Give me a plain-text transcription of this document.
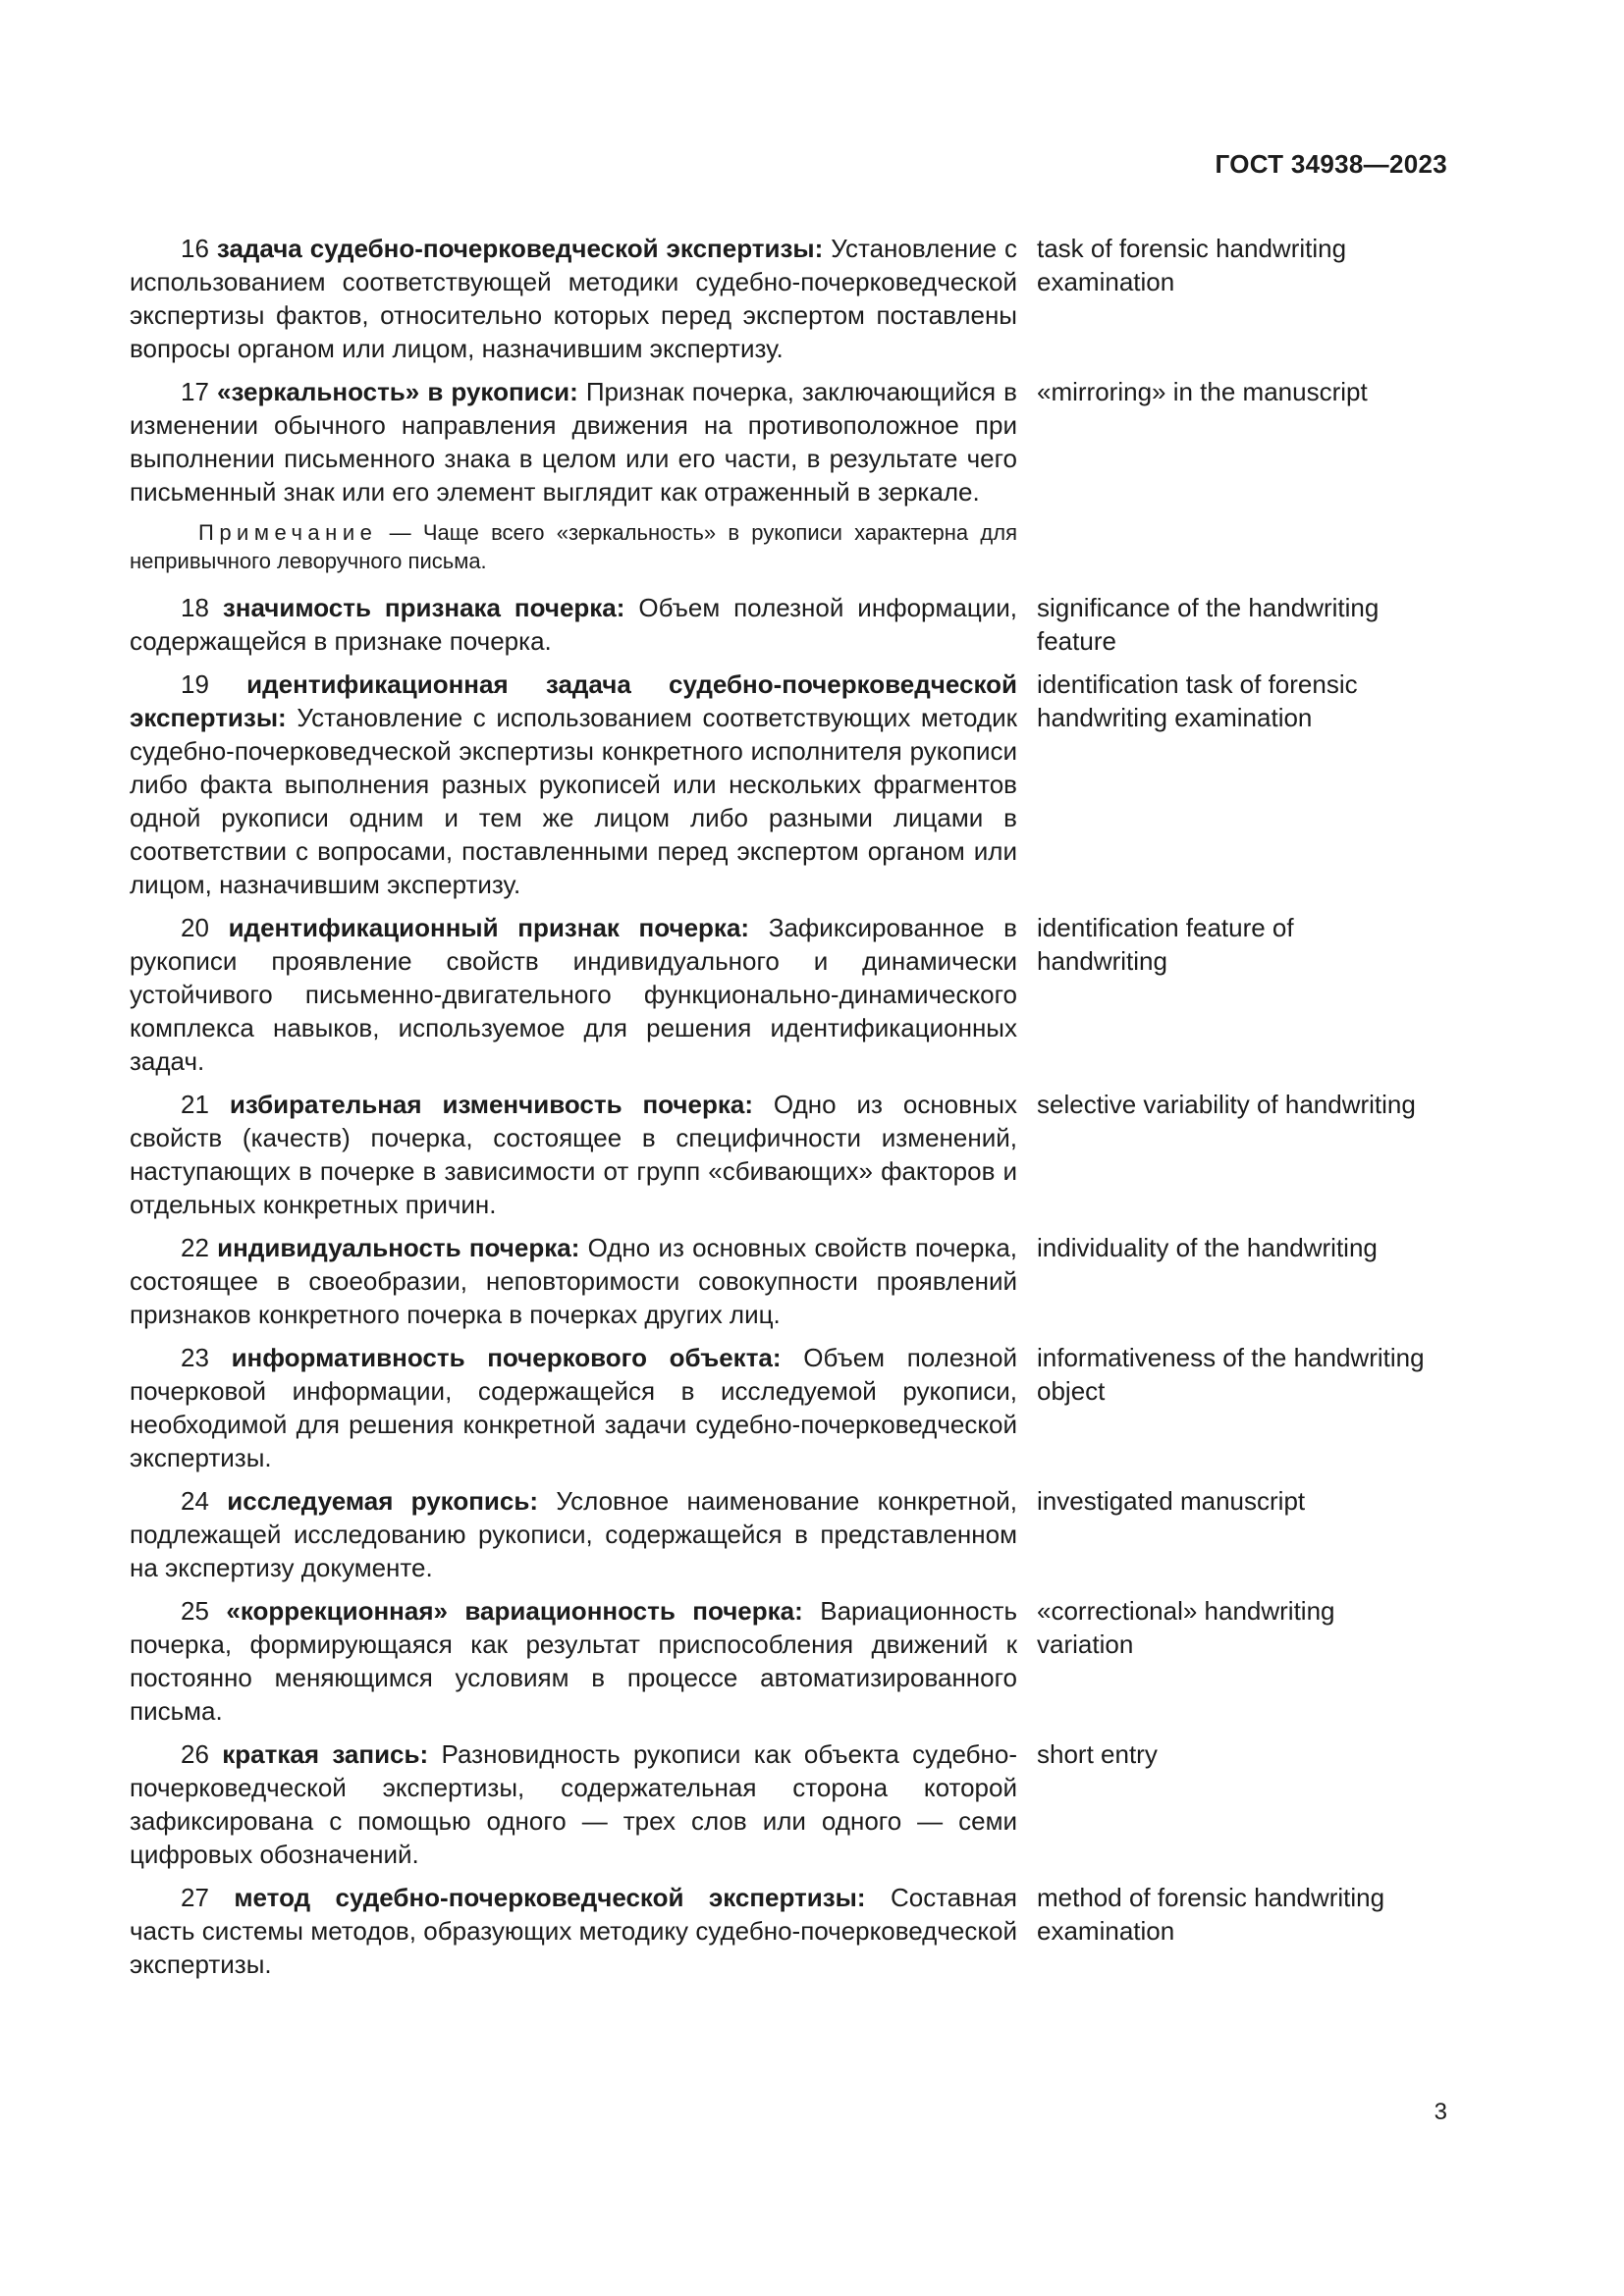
ГОСТ 34938—2023
16 задача судебно-почерковедческой экспертизы: Установление с использованием соответствующей методики судебно-почерковедческой экспертизы фактов, относительно которых перед экспертом поставлены вопросы органом или лицом, назначившим экспертизу.
task of forensic handwriting examination
17 «зеркальность» в рукописи: Признак почерка, заключающийся в изменении обычного направления движения на противоположное при выполнении письменного знака в целом или его части, в результате чего письменный знак или его элемент выглядит как отраженный в зеркале.
«mirroring» in the manuscript
Примечание — Чаще всего «зеркальность» в рукописи характерна для непривычного леворучного письма.
18 значимость признака почерка: Объем полезной информации, содержащейся в признаке почерка.
significance of the handwriting feature
19 идентификационная задача судебно-почерковедческой экспертизы: Установление с использованием соответствующих методик судебно-почерковедческой экспертизы конкретного исполнителя рукописи либо факта выполнения разных рукописей или нескольких фрагментов одной рукописи одним и тем же лицом либо разными лицами в соответствии с вопросами, поставленными перед экспертом органом или лицом, назначившим экспертизу.
identification task of forensic handwriting examination
20 идентификационный признак почерка: Зафиксированное в рукописи проявление свойств индивидуального и динамически устойчивого письменно-двигательного функционально-динамического комплекса навыков, используемое для решения идентификационных задач.
identification feature of handwriting
21 избирательная изменчивость почерка: Одно из основных свойств (качеств) почерка, состоящее в специфичности изменений, наступающих в почерке в зависимости от групп «сбивающих» факторов и отдельных конкретных причин.
selective variability of handwriting
22 индивидуальность почерка: Одно из основных свойств почерка, состоящее в своеобразии, неповторимости совокупности проявлений признаков конкретного почерка в почерках других лиц.
individuality of the handwriting
23 информативность почеркового объекта: Объем полезной почерковой информации, содержащейся в исследуемой рукописи, необходимой для решения конкретной задачи судебно-почерковедческой экспертизы.
informativeness of the handwriting object
24 исследуемая рукопись: Условное наименование конкретной, подлежащей исследованию рукописи, содержащейся в представленном на экспертизу документе.
investigated manuscript
25 «коррекционная» вариационность почерка: Вариационность почерка, формирующаяся как результат приспособления движений к постоянно меняющимся условиям в процессе автоматизированного письма.
«correctional» handwriting variation
26 краткая запись: Разновидность рукописи как объекта судебно-почерковедческой экспертизы, содержательная сторона которой зафиксирована с помощью одного — трех слов или одного — семи цифровых обозначений.
short entry
27 метод судебно-почерковедческой экспертизы: Составная часть системы методов, образующих методику судебно-почерковедческой экспертизы.
method of forensic handwriting examination
3
